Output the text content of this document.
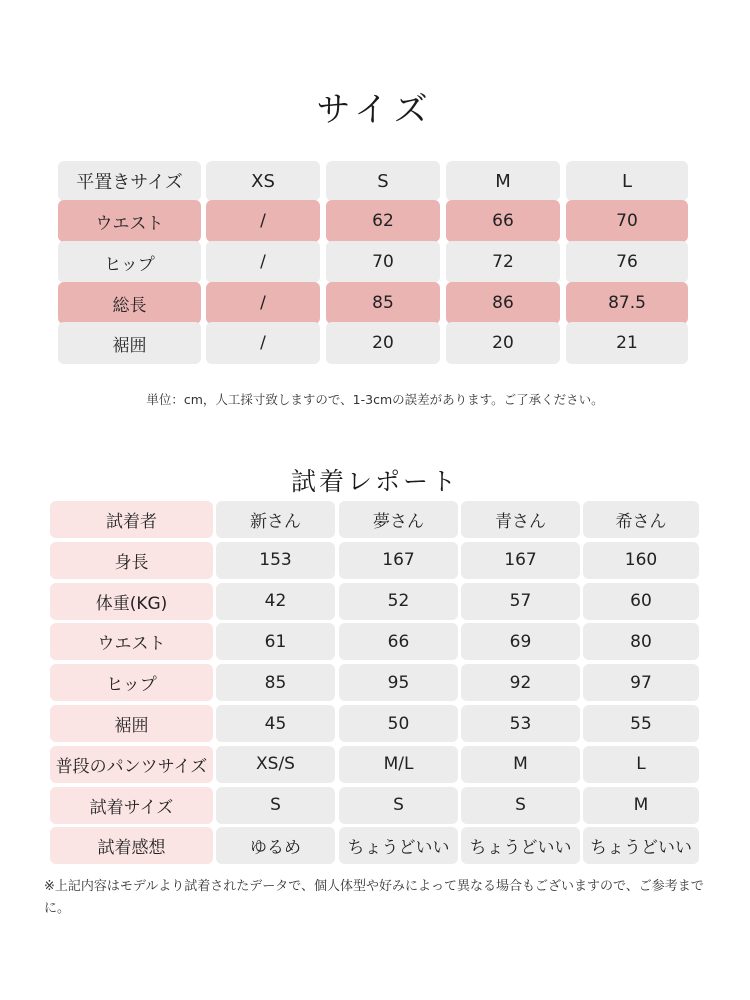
サイズ
平置きサイズ	XS	S	M	L
ウエスト	/	62	66	70
ヒップ	/	70	72	76
総長	/	85	86	87.5
裾囲	/	20	20	21
単位：cm，人工採寸致しますので、1-3cmの誤差があります。ご了承ください。
試着レポート
試着者	新さん	夢さん	青さん	希さん
身長	153	167	167	160
体重(KG)	42	52	57	60
ウエスト	61	66	69	80
ヒップ	85	95	92	97
裾囲	45	50	53	55
普段のパンツサイズ	XS/S	M/L	M	L
試着サイズ	S	S	S	M
試着感想	ゆるめ	ちょうどいい	ちょうどいい	ちょうどいい
※上記内容はモデルより試着されたデータで、個人体型や好みによって異なる場合もございますので、ご参考までに。
